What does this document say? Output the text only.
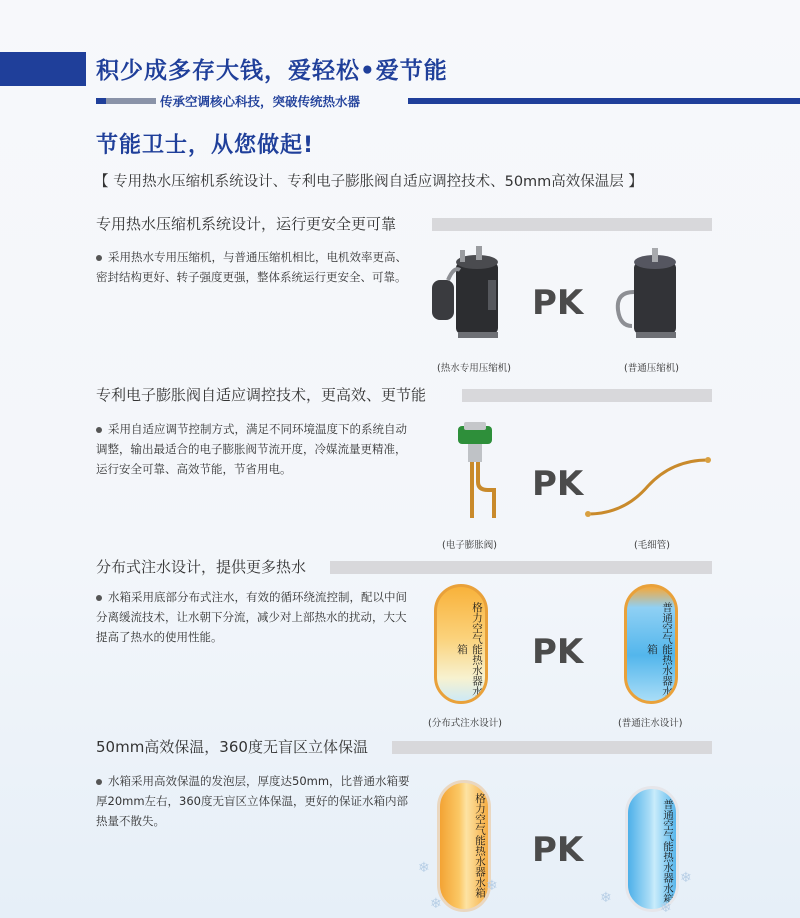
积少成多存大钱，爱轻松•爱节能
传承空调核心科技，突破传统热水器
节能卫士，从您做起!
【 专用热水压缩机系统设计、专利电子膨胀阀自适应调控技术、50mm高效保温层 】
专用热水压缩机系统设计，运行更安全更可靠
采用热水专用压缩机，与普通压缩机相比，电机效率更高、密封结构更好、转子强度更强，整体系统运行更安全、可靠。
PK
(热水专用压缩机)	(普通压缩机)
专利电子膨胀阀自适应调控技术，更高效、更节能
采用自适应调节控制方式，满足不同环境温度下的系统自动调整，输出最适合的电子膨胀阀节流开度，冷媒流量更精准，运行安全可靠、高效节能，节省用电。	PK
(电子膨胀阀)	(毛细管)
分布式注水设计，提供更多热水
水箱采用底部分布式注水，有效的循环绕流控制，配以中间分离缓流技术，让水朝下分流，减少对上部热水的扰动，大大提高了热水的使用性能。	格力空气能热水器水箱	PK	普通空气能热水器水箱
(分布式注水设计)	(普通注水设计)
50mm高效保温，360度无盲区立体保温
水箱采用高效保温的发泡层，厚度达50mm，比普通水箱要厚20mm左右，360度无盲区立体保温，更好的保证水箱内部热量不散失。	格力空气能热水器水箱 PK	普通空气能热水器水箱
❄
❄
❄	❄
❄
❄
